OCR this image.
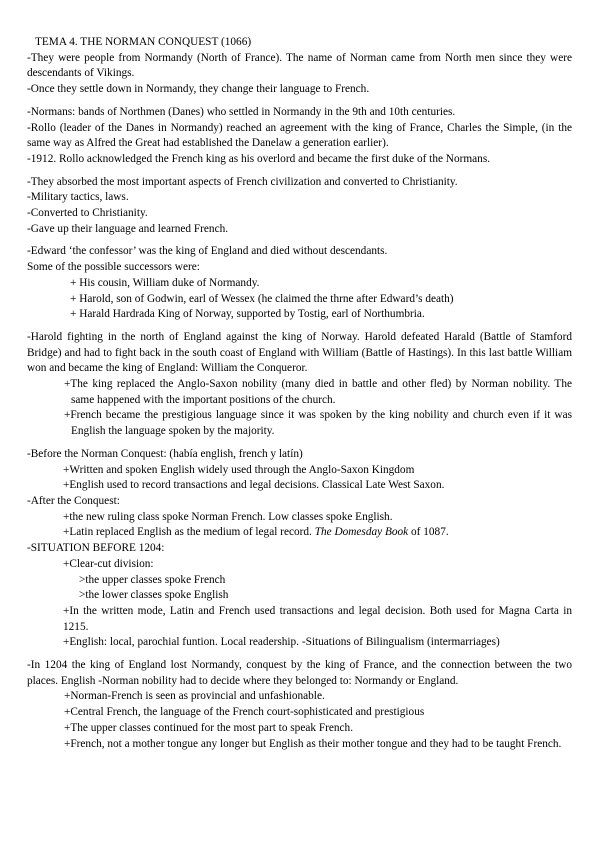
TEMA 4. THE NORMAN CONQUEST (1066)

-They were people from Normandy (North of France). The name of Norman came from North men since they were descendants of Vikings.

-Once they settle down in Normandy, they change their language to French.

-Normans: bands of Northmen (Danes) who settled in Normandy in the 9th and 10th centuries.

-Rollo (leader of the Danes in Normandy) reached an agreement with the king of France, Charles the Simple, (in the same way as Alfred the Great had established the Danelaw a generation earlier).

-1912. Rollo acknowledged the French king as his overlord and became the first duke of the Normans.

-They absorbed the most important aspects of French civilization and converted to Christianity.

-Military tactics, laws.

-Converted to Christianity.

-Gave up their language and learned French.

-Edward ‘the confessor’ was the king of England and died without descendants.

Some of the possible successors were:

+ His cousin, William duke of Normandy.

+ Harold, son of Godwin, earl of Wessex (he claimed the thrne after Edward’s death)

+ Harald Hardrada King of Norway, supported by Tostig, earl of Northumbria.

-Harold fighting in the north of England against the king of Norway. Harold defeated Harald (Battle of Stamford Bridge) and had to fight back in the south coast of England with William (Battle of Hastings). In this last battle William won and became the king of England: William the Conqueror.

+The king replaced the Anglo-Saxon nobility (many died in battle and other fled) by Norman nobility. The same happened with the important positions of the church.

+French became the prestigious language since it was spoken by the king nobility and church even if it was English the language spoken by the majority.

-Before the Norman Conquest: (había english, french y latín)

+Written and spoken English widely used through the Anglo-Saxon Kingdom

+English used to record transactions and legal decisions. Classical Late West Saxon.

-After the Conquest:

+the new ruling class spoke Norman French. Low classes spoke English.

+Latin replaced English as the medium of legal record. The Domesday Book of 1087.

-SITUATION BEFORE 1204:

+Clear-cut division:

>the upper classes spoke French

>the lower classes spoke English

+In the written mode, Latin and French used transactions and legal decision. Both used for Magna Carta in 1215.

+English: local, parochial funtion. Local readership. -Situations of Bilingualism (intermarriages)

-In 1204 the king of England lost Normandy, conquest by the king of France, and the connection between the two places. English -Norman nobility had to decide where they belonged to: Normandy or England.

+Norman-French is seen as provincial and unfashionable.

+Central French, the language of the French court-sophisticated and prestigious

+The upper classes continued for the most part to speak French.

+French, not a mother tongue any longer but English as their mother tongue and they had to be taught French.
